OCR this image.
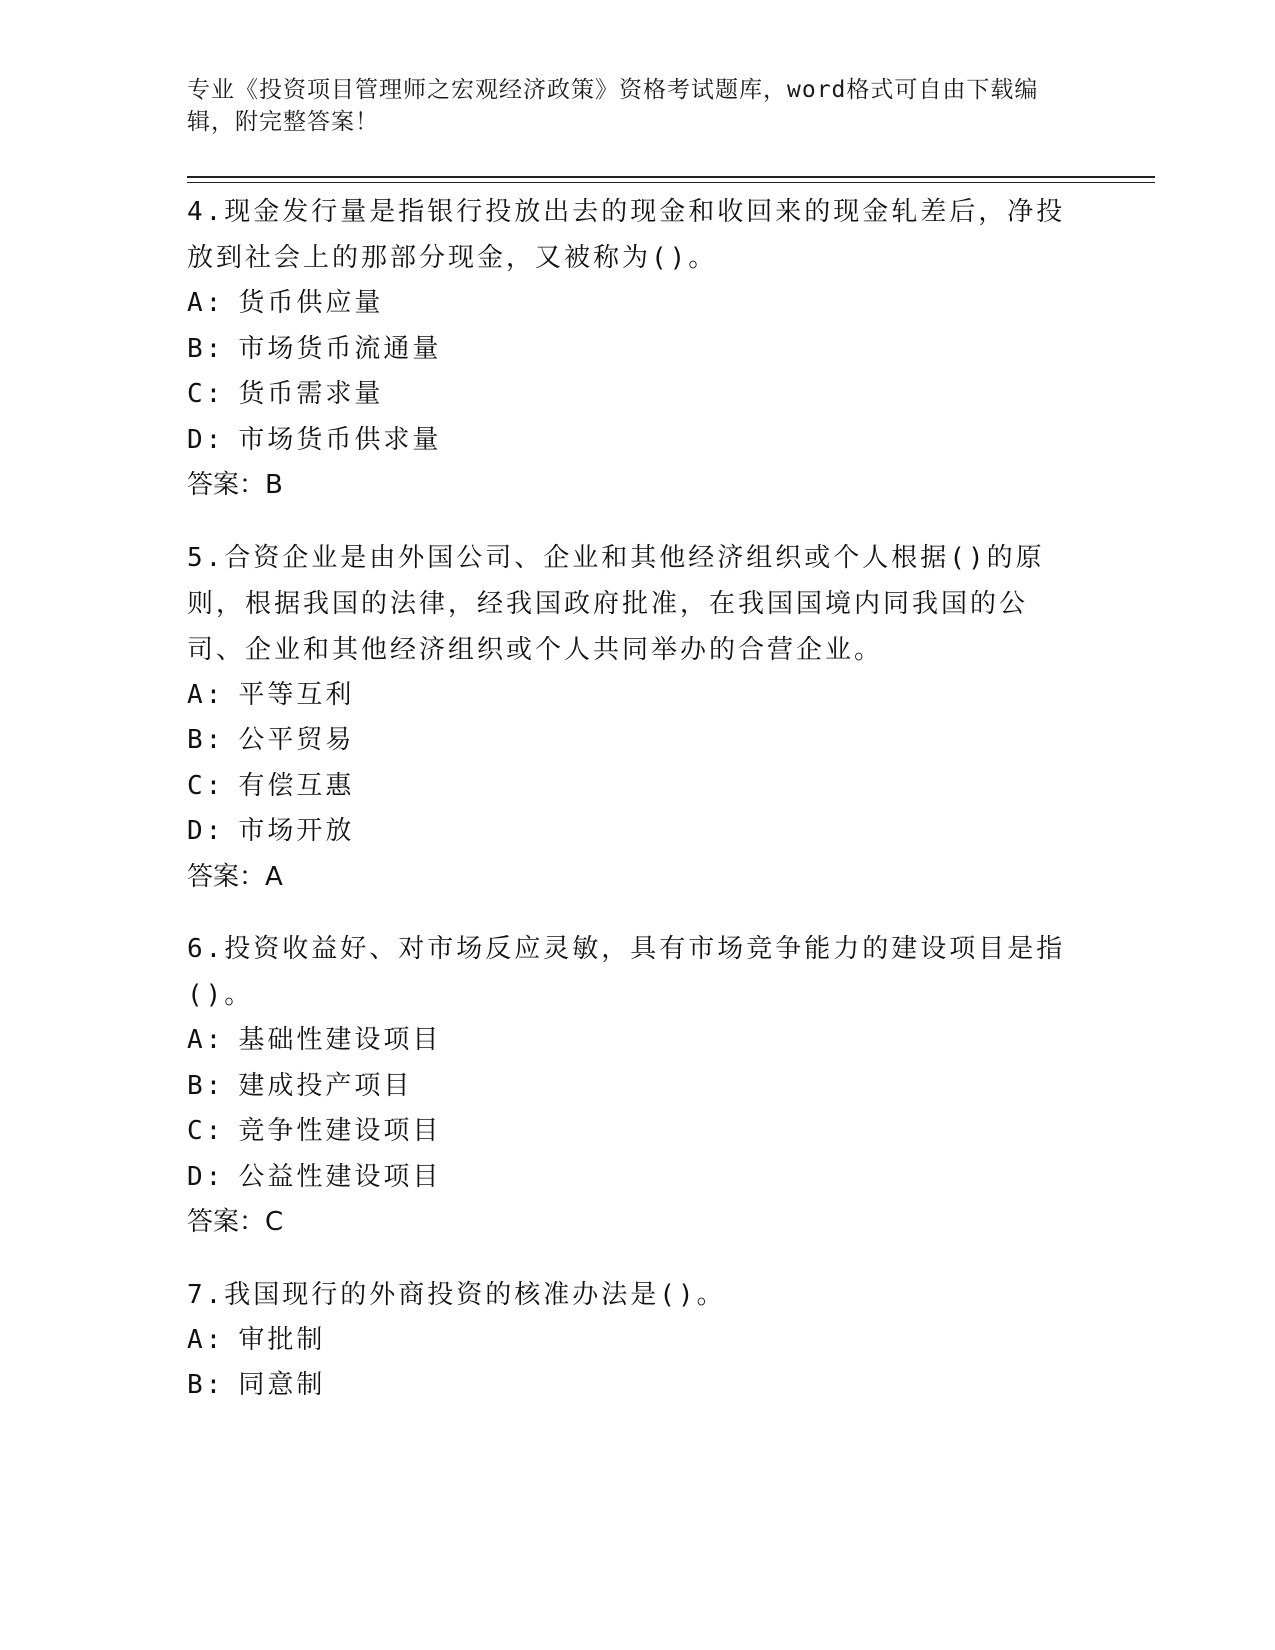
专业《投资项目管理师之宏观经济政策》资格考试题库，word格式可自由下载编辑，附完整答案！
4.现金发行量是指银行投放出去的现金和收回来的现金轧差后，净投放到社会上的那部分现金，又被称为()。
A: 货币供应量
B: 市场货币流通量
C: 货币需求量
D: 市场货币供求量
答案：B
5.合资企业是由外国公司、企业和其他经济组织或个人根据()的原则，根据我国的法律，经我国政府批准，在我国国境内同我国的公司、企业和其他经济组织或个人共同举办的合营企业。
A: 平等互利
B: 公平贸易
C: 有偿互惠
D: 市场开放
答案：A
6.投资收益好、对市场反应灵敏，具有市场竞争能力的建设项目是指()。
A: 基础性建设项目
B: 建成投产项目
C: 竞争性建设项目
D: 公益性建设项目
答案：C
7.我国现行的外商投资的核准办法是()。
A: 审批制
B: 同意制
